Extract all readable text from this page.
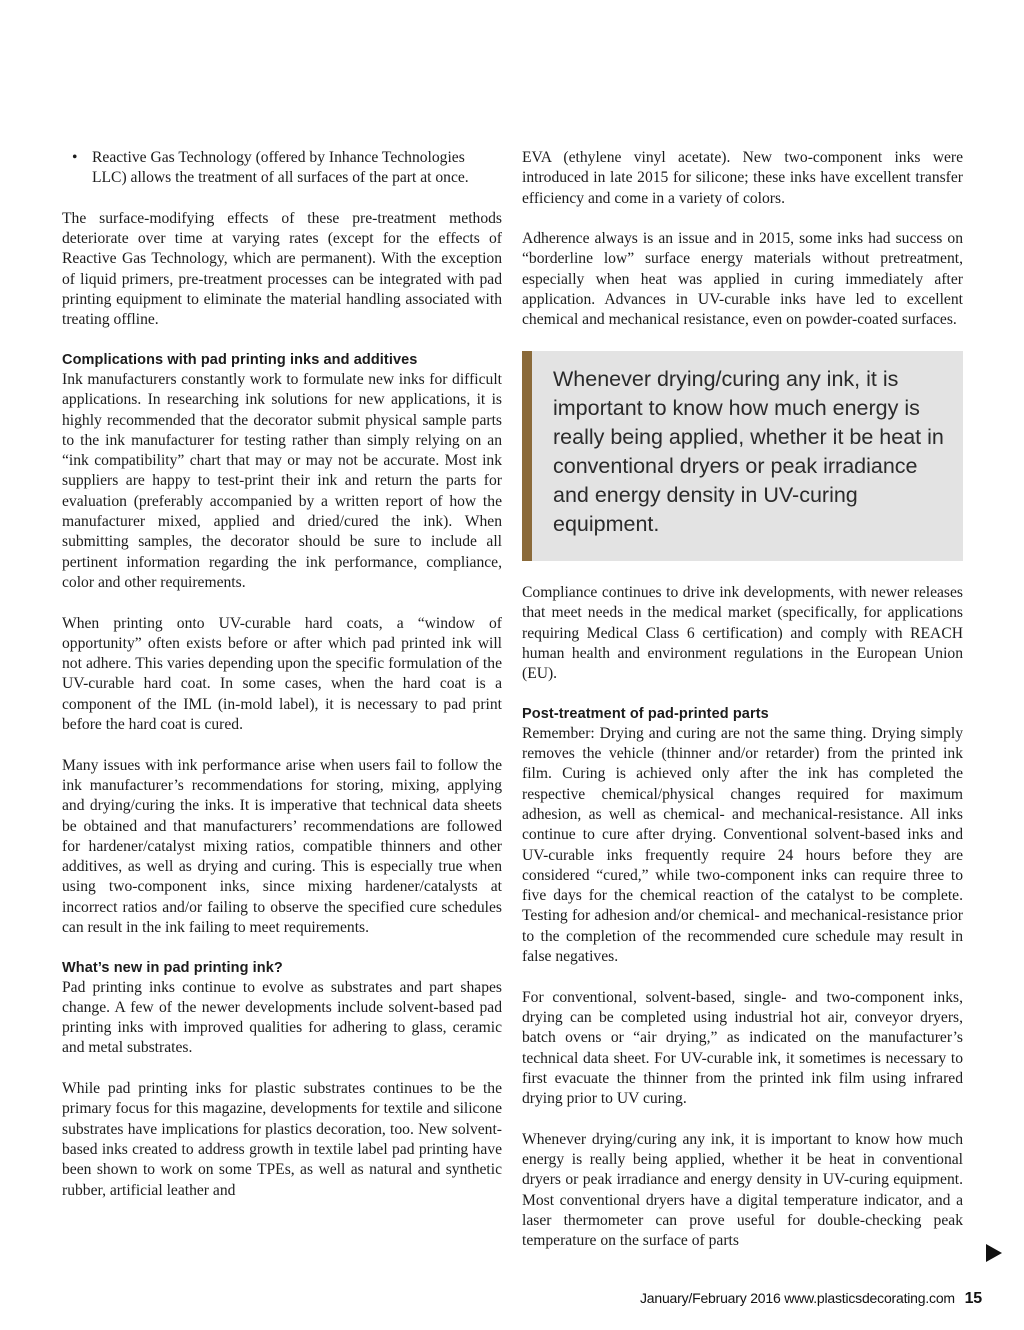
• Reactive Gas Technology (offered by Inhance Technologies LLC) allows the treatment of all surfaces of the part at once.

The surface-modifying effects of these pre-treatment methods deteriorate over time at varying rates (except for the effects of Reactive Gas Technology, which are permanent). With the exception of liquid primers, pre-treatment processes can be integrated with pad printing equipment to eliminate the material handling associated with treating offline.

Complications with pad printing inks and additives

Ink manufacturers constantly work to formulate new inks for difficult applications. In researching ink solutions for new applications, it is highly recommended that the decorator submit physical sample parts to the ink manufacturer for testing rather than simply relying on an “ink compatibility” chart that may or may not be accurate. Most ink suppliers are happy to test-print their ink and return the parts for evaluation (preferably accompanied by a written report of how the manufacturer mixed, applied and dried/cured the ink). When submitting samples, the decorator should be sure to include all pertinent information regarding the ink performance, compliance, color and other requirements.

When printing onto UV-curable hard coats, a “window of opportunity” often exists before or after which pad printed ink will not adhere. This varies depending upon the specific formulation of the UV-curable hard coat. In some cases, when the hard coat is a component of the IML (in-mold label), it is necessary to pad print before the hard coat is cured.

Many issues with ink performance arise when users fail to follow the ink manufacturer’s recommendations for storing, mixing, applying and drying/curing the inks. It is imperative that technical data sheets be obtained and that manufacturers’ recommendations are followed for hardener/catalyst mixing ratios, compatible thinners and other additives, as well as drying and curing. This is especially true when using two-component inks, since mixing hardener/catalysts at incorrect ratios and/or failing to observe the specified cure schedules can result in the ink failing to meet requirements.

What’s new in pad printing ink?

Pad printing inks continue to evolve as substrates and part shapes change. A few of the newer developments include solvent-based pad printing inks with improved qualities for adhering to glass, ceramic and metal substrates.

While pad printing inks for plastic substrates continues to be the primary focus for this magazine, developments for textile and silicone substrates have implications for plastics decoration, too. New solvent-based inks created to address growth in textile label pad printing have been shown to work on some TPEs, as well as natural and synthetic rubber, artificial leather and

EVA (ethylene vinyl acetate). New two-component inks were introduced in late 2015 for silicone; these inks have excellent transfer efficiency and come in a variety of colors.

Adherence always is an issue and in 2015, some inks had success on “borderline low” surface energy materials without pretreatment, especially when heat was applied in curing immediately after application. Advances in UV-curable inks have led to excellent chemical and mechanical resistance, even on powder-coated surfaces.

Whenever drying/curing any ink, it is important to know how much energy is really being applied, whether it be heat in conventional dryers or peak irradiance and energy density in UV-curing equipment.

Compliance continues to drive ink developments, with newer releases that meet needs in the medical market (specifically, for applications requiring Medical Class 6 certification) and comply with REACH human health and environment regulations in the European Union (EU).

Post-treatment of pad-printed parts

Remember: Drying and curing are not the same thing. Drying simply removes the vehicle (thinner and/or retarder) from the printed ink film. Curing is achieved only after the ink has completed the respective chemical/physical changes required for maximum adhesion, as well as chemical- and mechanical-resistance. All inks continue to cure after drying. Conventional solvent-based inks and UV-curable inks frequently require 24 hours before they are considered “cured,” while two-component inks can require three to five days for the chemical reaction of the catalyst to be complete. Testing for adhesion and/or chemical- and mechanical-resistance prior to the completion of the recommended cure schedule may result in false negatives.

For conventional, solvent-based, single- and two-component inks, drying can be completed using industrial hot air, conveyor dryers, batch ovens or “air drying,” as indicated on the manufacturer’s technical data sheet. For UV-curable ink, it sometimes is necessary to first evacuate the thinner from the printed ink film using infrared drying prior to UV curing.

Whenever drying/curing any ink, it is important to know how much energy is really being applied, whether it be heat in conventional dryers or peak irradiance and energy density in UV-curing equipment. Most conventional dryers have a digital temperature indicator, and a laser thermometer can prove useful for double-checking peak temperature on the surface of parts

January/February 2016 www.plasticsdecorating.com 15
